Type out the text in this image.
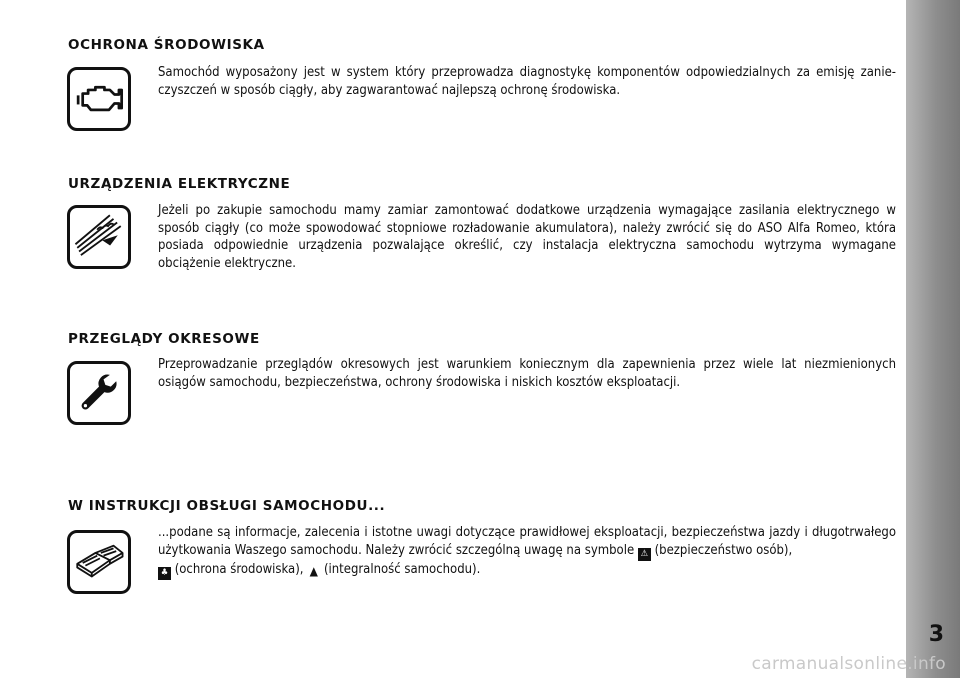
3
OCHRONA ŚRODOWISKA
Samochód wyposażony jest w system który przeprowadza diagnostykę komponentów odpowiedzialnych za emisję zanieczyszczeń w sposób ciągły, aby zagwarantować najlepszą ochronę środowiska.
URZĄDZENIA ELEKTRYCZNE
Jeżeli po zakupie samochodu mamy zamiar zamontować dodatkowe urządzenia wymagające zasilania elektrycznego w sposób ciągły (co może spowodować stopniowe rozładowanie akumulatora), należy zwrócić się do ASO Alfa Romeo, która posiada odpowiednie urządzenia pozwalające określić, czy instalacja elektryczna samochodu wytrzyma wymagane obciążenie elektryczne.
PRZEGLĄDY OKRESOWE
Przeprowadzanie przeglądów okresowych jest warunkiem koniecznym dla zapewnienia przez wiele lat niezmienionych osiągów samochodu, bezpieczeństwa, ochrony środowiska i niskich kosztów eksploatacji.
W INSTRUKCJI OBSŁUGI SAMOCHODU...
...podane są informacje, zalecenia i istotne uwagi dotyczące prawidłowej eksploatacji, bezpieczeństwa jazdy i długotrwałego użytkowania Waszego samochodu. Należy zwrócić szczególną uwagę na symbole ⚠ (bezpieczeństwo osób),
♣ (ochrona środowiska), ▲ (integralność samochodu).
carmanualsonline.info
